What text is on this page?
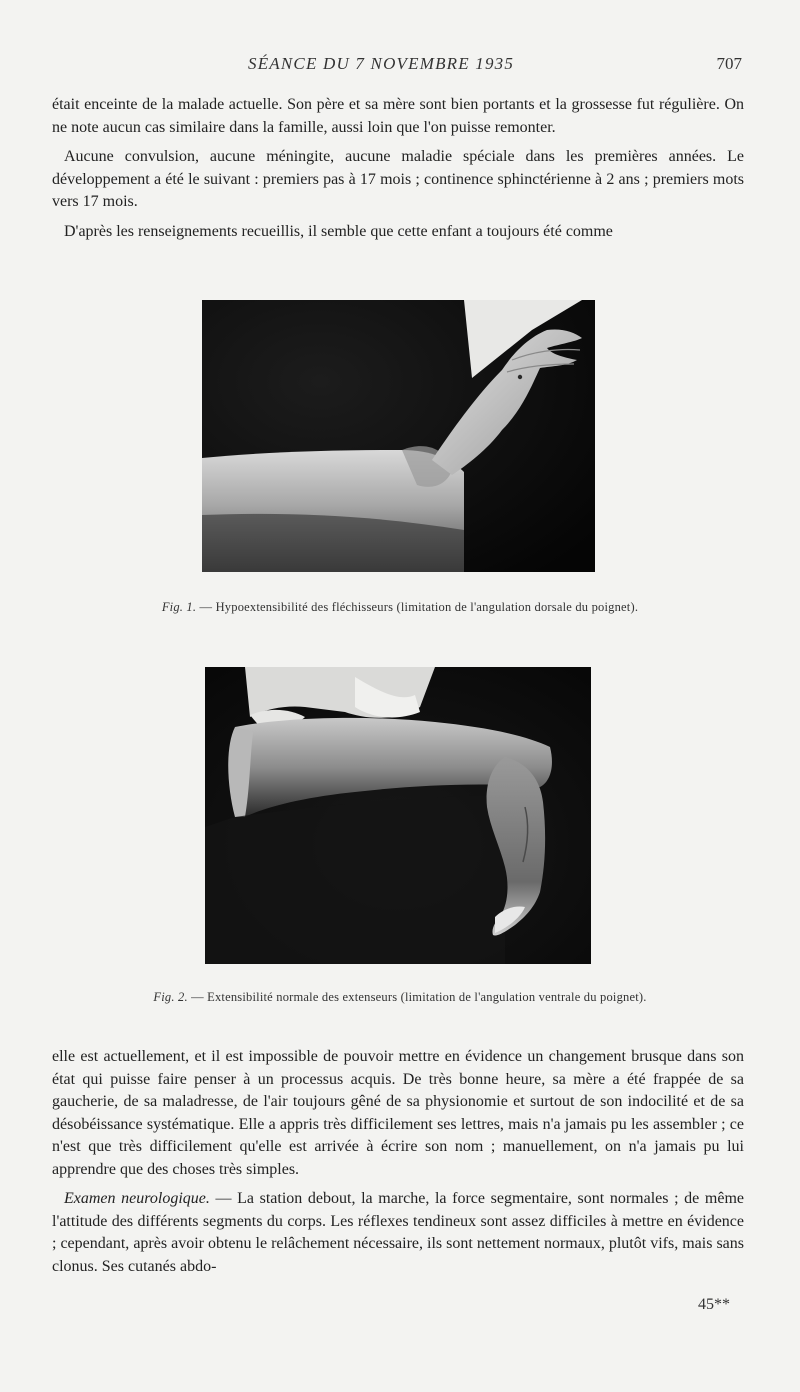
SÉANCE DU 7 NOVEMBRE 1935	707

était enceinte de la malade actuelle. Son père et sa mère sont bien portants et la grossesse fut régulière. On ne note aucun cas similaire dans la famille, aussi loin que l'on puisse remonter.

Aucune convulsion, aucune méningite, aucune maladie spéciale dans les premières années. Le développement a été le suivant : premiers pas à 17 mois ; continence sphinctérienne à 2 ans ; premiers mots vers 17 mois.

D'après les renseignements recueillis, il semble que cette enfant a toujours été comme

Fig. 1. — Hypoextensibilité des fléchisseurs (limitation de l'angulation dorsale du poignet).
Fig. 2. — Extensibilité normale des extenseurs (limitation de l'angulation ventrale du poignet).

elle est actuellement, et il est impossible de pouvoir mettre en évidence un changement brusque dans son état qui puisse faire penser à un processus acquis. De très bonne heure, sa mère a été frappée de sa gaucherie, de sa maladresse, de l'air toujours gêné de sa physionomie et surtout de son indocilité et de sa désobéissance systématique. Elle a appris très difficilement ses lettres, mais n'a jamais pu les assembler ; ce n'est que très difficilement qu'elle est arrivée à écrire son nom ; manuellement, on n'a jamais pu lui apprendre que des choses très simples.

Examen neurologique. — La station debout, la marche, la force segmentaire, sont normales ; de même l'attitude des différents segments du corps. Les réflexes tendineux sont assez difficiles à mettre en évidence ; cependant, après avoir obtenu le relâchement nécessaire, ils sont nettement normaux, plutôt vifs, mais sans clonus. Ses cutanés abdo-

45**
